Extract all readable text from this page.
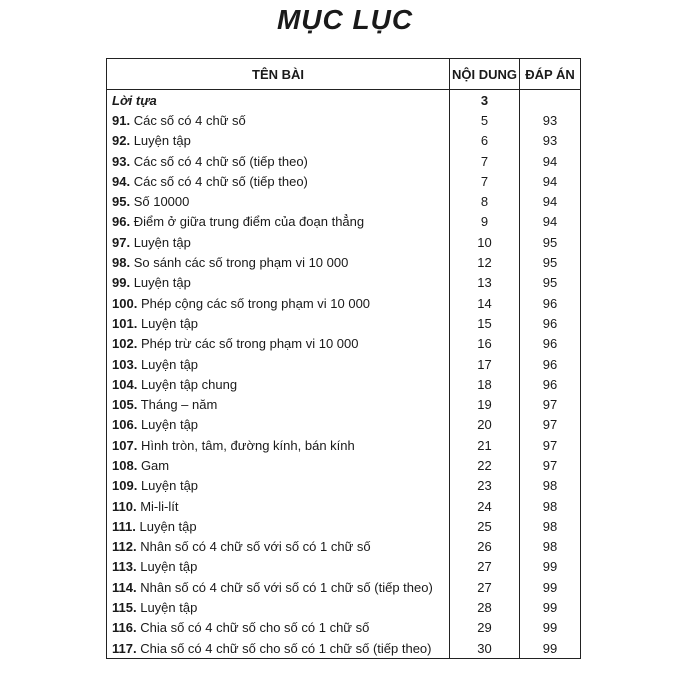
MỤC LỤC
TÊN BÀI	NỘI DUNG	ĐÁP ÁN
Lời tựa	3	
91. Các số có 4 chữ số	5	93
92. Luyện tập	6	93
93. Các số có 4 chữ số (tiếp theo)	7	94
94. Các số có 4 chữ số (tiếp theo)	7	94
95. Số 10000	8	94
96. Điểm ở giữa trung điểm của đoạn thẳng	9	94
97. Luyện tập	10	95
98. So sánh các số trong phạm vi 10 000	12	95
99. Luyện tập	13	95
100. Phép cộng các số trong phạm vi 10 000	14	96
101. Luyện tập	15	96
102. Phép trừ các số trong phạm vi 10 000	16	96
103. Luyện tập	17	96
104. Luyện tập chung	18	96
105. Tháng – năm	19	97
106. Luyện tập	20	97
107. Hình tròn, tâm, đường kính, bán kính	21	97
108. Gam	22	97
109. Luyện tập	23	98
110. Mi-li-lít	24	98
111. Luyện tập	25	98
112. Nhân số có 4 chữ số với số có 1 chữ số	26	98
113. Luyện tập	27	99
114. Nhân số có 4 chữ số với số có 1 chữ số (tiếp theo)	27	99
115. Luyện tập	28	99
116. Chia số có 4 chữ số cho số có 1 chữ số	29	99
117. Chia số có 4 chữ số cho số có 1 chữ số (tiếp theo)	30	99
